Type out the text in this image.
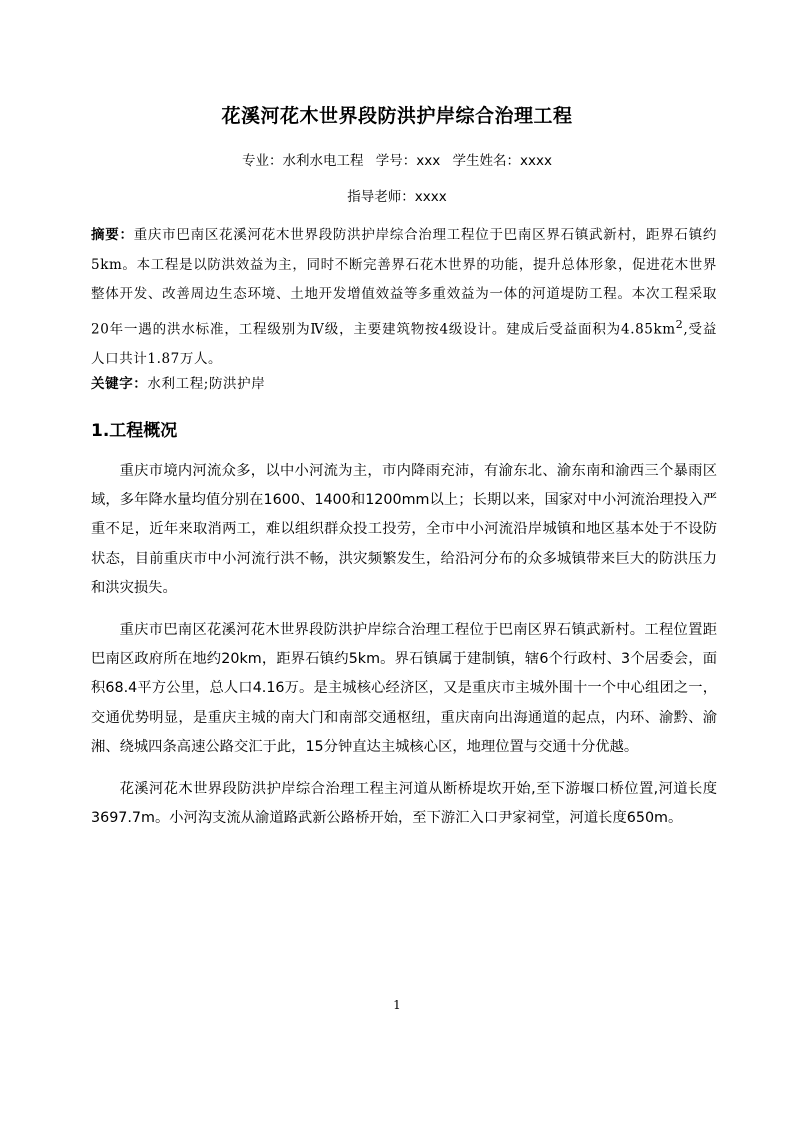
花溪河花木世界段防洪护岸综合治理工程
专业：水利水电工程 学号：xxx 学生姓名：xxxx
指导老师：xxxx
摘要：重庆市巴南区花溪河花木世界段防洪护岸综合治理工程位于巴南区界石镇武新村，距界石镇约5km。本工程是以防洪效益为主，同时不断完善界石花木世界的功能，提升总体形象，促进花木世界整体开发、改善周边生态环境、土地开发增值效益等多重效益为一体的河道堤防工程。本次工程采取20年一遇的洪水标准，工程级别为Ⅳ级，主要建筑物按4级设计。建成后受益面积为$4.85km^2$,受益人口共计1.87万人。
关键字：水利工程;防洪护岸
1.工程概况

重庆市境内河流众多，以中小河流为主，市内降雨充沛，有渝东北、渝东南和渝西三个暴雨区域，多年降水量均值分别在1600、1400和1200mm以上；长期以来，国家对中小河流治理投入严重不足，近年来取消两工，难以组织群众投工投劳，全市中小河流沿岸城镇和地区基本处于不设防状态，目前重庆市中小河流行洪不畅，洪灾频繁发生，给沿河分布的众多城镇带来巨大的防洪压力和洪灾损失。

重庆市巴南区花溪河花木世界段防洪护岸综合治理工程位于巴南区界石镇武新村。工程位置距巴南区政府所在地约20km，距界石镇约5km。界石镇属于建制镇，辖6个行政村、3个居委会，面积68.4平方公里，总人口4.16万。是主城核心经济区，又是重庆市主城外围十一个中心组团之一，交通优势明显，是重庆主城的南大门和南部交通枢纽，重庆南向出海通道的起点，内环、渝黔、渝湘、绕城四条高速公路交汇于此，15分钟直达主城核心区，地理位置与交通十分优越。

花溪河花木世界段防洪护岸综合治理工程主河道从断桥堤坎开始,至下游堰口桥位置,河道长度3697.7m。小河沟支流从渝道路武新公路桥开始，至下游汇入口尹家祠堂，河道长度650m。

1
